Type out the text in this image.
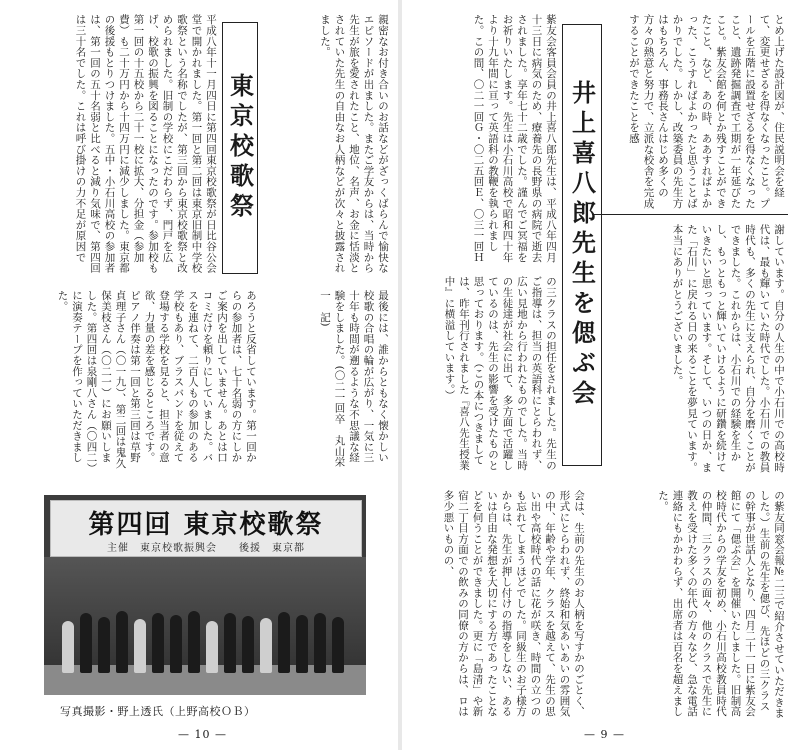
親密なお付き合いのお話などがざっくばらんで愉快なエピソードが出ました。またご学友からは、当時から先生が旅を愛されたこと、地位、名声、お金に恬淡とされていた先生の自由なお人柄などが次々と披露されました。
最後には、誰からともなく懐かしい校歌の合唱の輪が広がり、一気に三十年も時間が遡るような不思議な経験をしました。(〇二一回卒　丸山栄一　記)
東京校歌祭
平成八年十一月四日に第四回東京校歌祭が日比谷公会堂で開かれました。第一回と第二回は東京旧制中学校歌祭という名称でしたが、第三回から東京校歌祭と改められました。旧制の学校にこだわらず、門戸を広げ、校歌の振興を図ることになったのです。参加校も第一回の十五校から二十一校に拡大、分担金（参加費）も二十万円から十四万円に減少しました。東京都の後援もとりつけました。五中・小石川高校の参加者は、第一回の五十名弱と比べると減り気味で、第四回は三十名でした。これは呼び掛けの力不足が原因で
あろうと反省しています。第一回からの参加者は、七十名弱の方にしかご案内を出していません。あとは口コミだけを頼りにしていました。バスを連ねて、二百人もの参加のある学校もあり、ブラスバンドを従えて登場する学校を見ると、担当者の意欲、力量の差を感じるところです。ピアノ伴奏は第一回と第三回は草野貞理子さん（〇一九）、第二回は鬼久保美枝さん（〇二一）にお願いしました。第四回は泉剛八さん（〇四二）に演奏テープを作っていただきました。
第四回 東京校歌祭
主催　東京校歌振興会　　後援　東京都
写真撮影・野上透氏（上野高校ＯＢ）
— 10 —
とめ上げた設計図が、住民説明会を経て、変更せざるを得なくなったこと。プールを五階に設置せざるを得なくなったこと、遺跡発掘調査で工期が一年延びたこと。紫友会館を何とか残すことができたこと、など、あの時、ああすればよかった、こうすればよかったと思うことばかりでした。しかし、改築委員の先生方はもちろん、事務長さんはじめ多くの方々の熱意と努力で、立派な校舎を完成することができたことを感
謝しています。自分の人生の中で小石川での高校時代は、最も輝いていた時代でした。小石川での教員時代も、多くの先生に支えられ、自分を磨くことができました。これからは、小石川での経験を生かし、もっともっと輝いていけるように研鑽を続けていきたいと思っています。そして、いつの日か、また「石川」に戻れる日の来ることを夢見ています。本当にありがとうございました。
井上喜八郎先生を偲ぶ会
紫友会客員会員の井上喜八郎先生は、平成八年四月十三日に病気のため、療養先の長野県の病院で逝去されました。享年七十二歳でした。謹んでご冥福をお祈りいたします。先生は小石川高校で昭和四十年より十九年間に亘って英語科の教鞭を執られました。この間、〇二一回Ｇ・〇二五回Ｅ、〇三一回Ｈ
の三クラスの担任をされました。先生のご指導は、担当の英語科にとらわれず、広い見地から行われたものでした。当時の生徒達が社会に出て、多方面で活躍しているのは、先生の影響を受けたものと思っております。（この本につきましては、昨年刊行されました『喜八先生授業中』に横溢しています。）
の紫友同窓会報№二三で紹介させていただきました。）生前の先生を偲び、先ほどの三クラスの幹事が世話人となり、四月二十一日に紫友会館にて「偲ぶ会」を開催いたしました。旧制高校時代からの学友を初め、小石川高校教員時代の仲間、三クラスの面々、他のクラスで先生に教えを受けた多くの年代の方々など、急な電話連絡にもかかわらず、出席者は百名を超えました。
会は、生前の先生のお人柄を写すかのごとく、形式にとらわれず、終始和気あいあいの雰囲気の中、年齢や学年、クラスを越えて、先生の思い出や高校時代の話に花が咲き、時間の立つのも忘れてしまうほどでした。同級生のお子様方からは、先生が押し付けの指導をしない、あるいは自由な発想を大切にする方であったことなどを伺うことができました。更に「島清」や新宿二丁目方面での飲みの同僚の方からは、ロは多少悪いものの、
— 9 —
